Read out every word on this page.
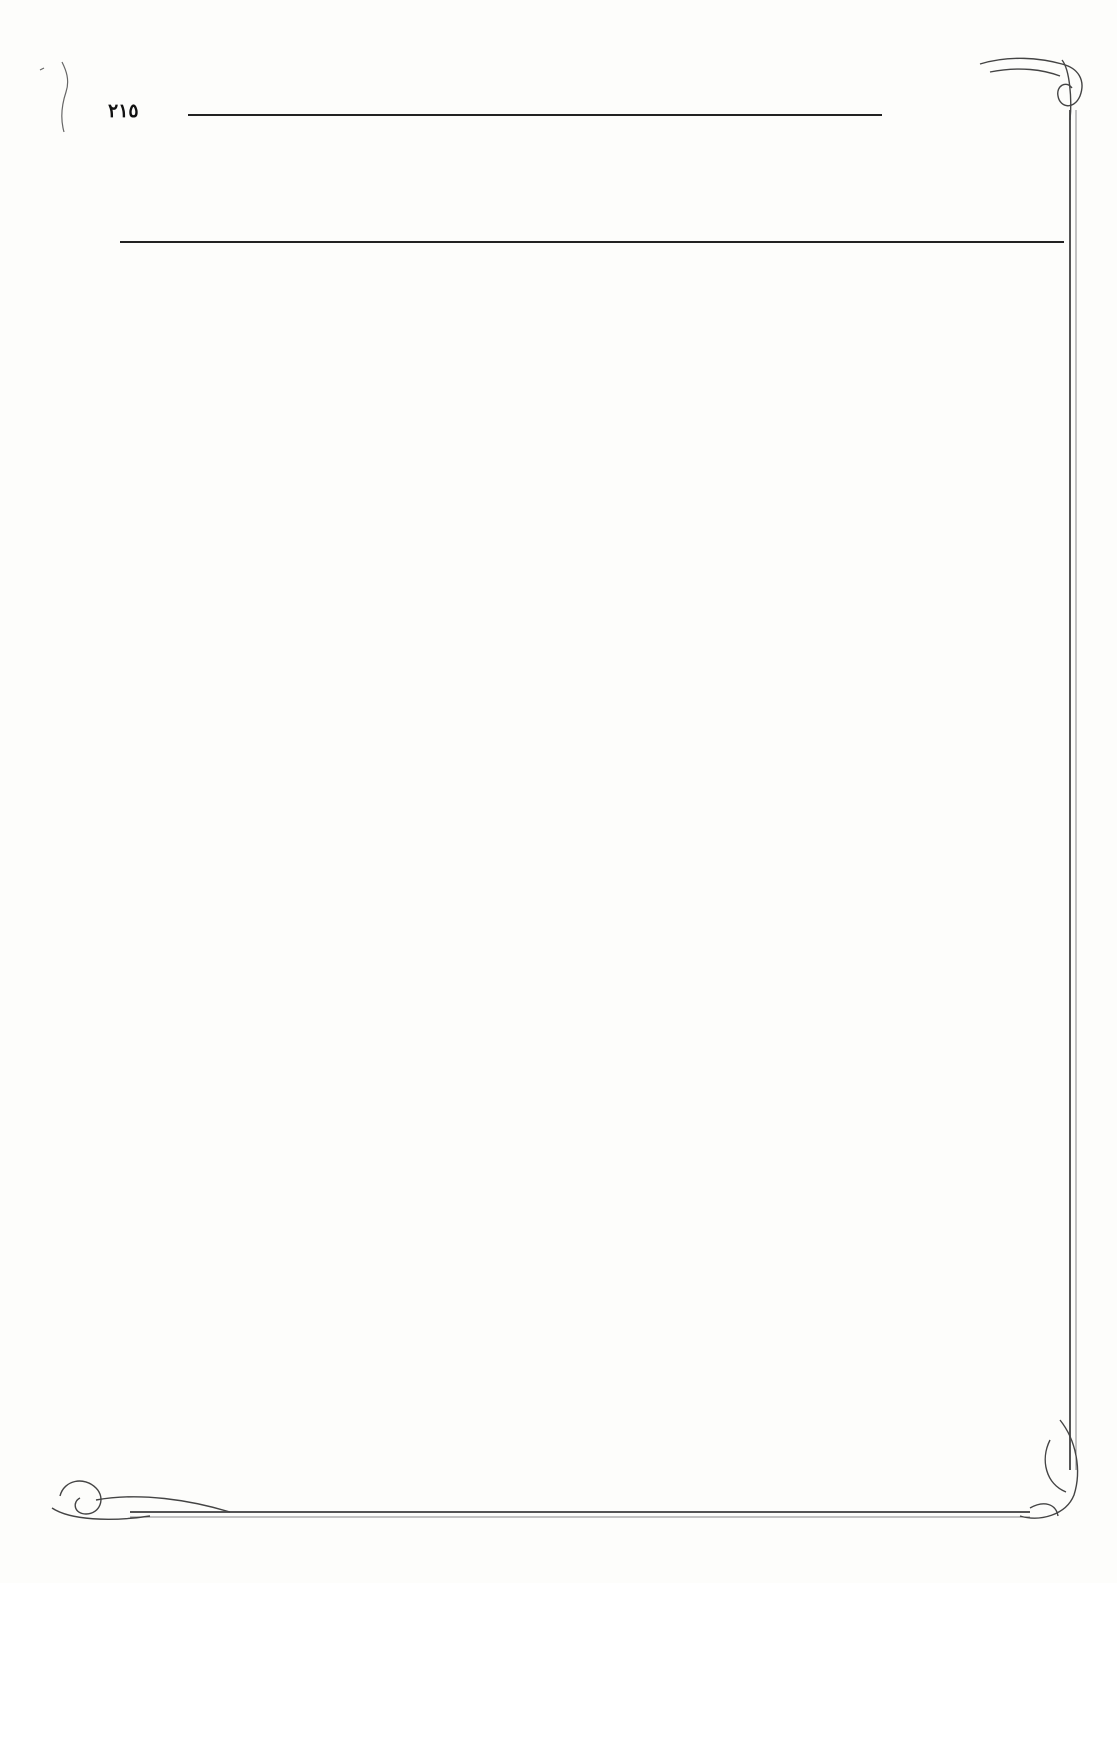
٢١٥
